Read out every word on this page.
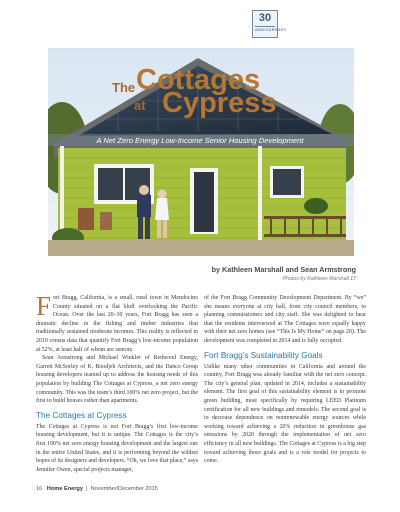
30
ANNIVERSARY
The Cottages
at Cypress
A Net Zero Energy Low-Income Senior Housing Development
by Kathleen Marshall and Sean Armstrong
Photos by Kathleen Marshall 17

Fort Bragg, California, is a small, rural town in Mendocino County situated on a flat bluff overlooking the Pacific Ocean. Over the last 20–30 years, Fort Bragg has seen a dramatic decline in the fishing and timber industries that traditionally sustained moderate incomes. This reality is reflected in 2010 census data that quantify Fort Bragg’s low-income population at 52%, at least half of whom are seniors.

Sean Armstrong and Michael Winkler of Redwood Energy, Garrett McSorley of K. Boodjeh Architects, and the Danco Group housing developers teamed up to address the housing needs of this population by building The Cottages at Cypress, a net zero energy community. This was the team’s third 100% net zero project, but the first to build houses rather than apartments.

The Cottages at Cypress

The Cottages at Cypress is not Fort Bragg’s first low-income housing development, but it is unique. The Cottages is the city’s first 100% net zero energy housing development and the largest one in the entire United States, and it is performing beyond the wildest hopes of its designers and developers. “Oh, we love that place,” says Jennifer Owen, special projects manager,

of the Fort Bragg Community Development Department. By “we” she means everyone at city hall, from city council members, to planning commissioners and city staff. She was delighted to hear that the residents interviewed at The Cottages were equally happy with their net zero homes (see “This Is My Home” on page 20). The development was completed in 2014 and is fully occupied.

Fort Bragg’s Sustainability Goals

Unlike many other communities in California and around the country, Fort Bragg was already familiar with the net zero concept. The city’s general plan, updated in 2014, includes a sustainability element. The first goal of this sustainability element is to promote green building, most specifically by requiring LEED Platinum certification for all new buildings and remodels. The second goal is to decrease dependence on nonrenewable energy sources while working toward achieving a 20% reduction in greenhouse gas emissions by 2020 through the implementation of net zero efficiency in all new buildings. The Cottages at Cypress is a big step toward achieving those goals and is a role model for projects to come.

16 Home Energy  |  November/December 2015
